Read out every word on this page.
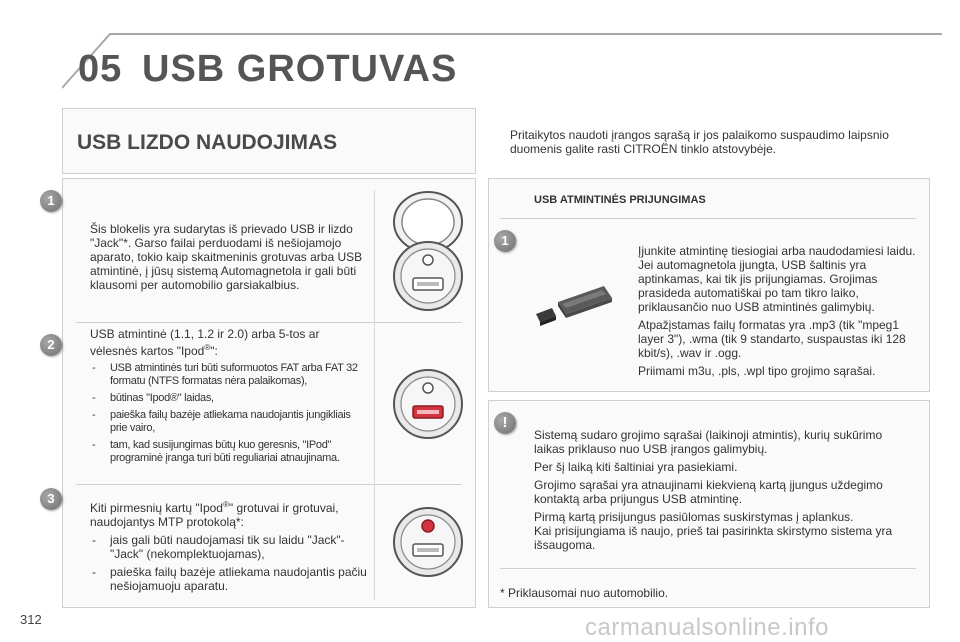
05 USB GROTUVAS
USB LIZDO NAUDOJIMAS	Pritaikytos naudoti įrangos sąrašą ir jos palaikomo suspaudimo laipsnio duomenis galite rasti CITROËN tinklo atstovybėje.
1
Šis blokelis yra sudarytas iš prievado USB ir lizdo "Jack"*. Garso failai perduodami iš nešiojamojo aparato, tokio kaip skaitmeninis grotuvas arba USB atmintinė, į jūsų sistemą Automagnetola ir gali būti klausomi per automobilio garsiakalbius.
2

USB atmintinė (1.1, 1.2 ir 2.0) arba 5-tos ar vėlesnės kartos "Ipod®":

- USB atmintinės turi būti suformuotos FAT arba FAT 32 formatu (NTFS formatas nėra palaikomas),
- būtinas "Ipod®" laidas,
- paieška failų bazėje atliekama naudojantis jungikliais prie vairo,
- tam, kad susijungimas būtų kuo geresnis, "IPod" programinė įranga turi būti reguliariai atnaujinama.
3

Kiti pirmesnių kartų "Ipod®" grotuvai ir grotuvai, naudojantys MTP protokolą*:

- jais gali būti naudojamasi tik su laidu "Jack"-"Jack" (nekomplektuojamas),
- paieška failų bazėje atliekama naudojantis pačiu nešiojamuoju aparatu.
USB ATMINTINĖS PRIJUNGIMAS
1

Įjunkite atmintinę tiesiogiai arba naudodamiesi laidu. Jei automagnetola įjungta, USB šaltinis yra aptinkamas, kai tik jis prijungiamas. Grojimas prasideda automatiškai po tam tikro laiko, priklausančio nuo USB atmintinės galimybių.

Atpažįstamas failų formatas yra .mp3 (tik "mpeg1 layer 3"), .wma (tik 9 standarto, suspaustas iki 128 kbit/s), .wav ir .ogg.

Priimami m3u, .pls, .wpl tipo grojimo sąrašai.

!

Sistemą sudaro grojimo sąrašai (laikinoji atmintis), kurių sukūrimo laikas priklauso nuo USB įrangos galimybių.

Per šį laiką kiti šaltiniai yra pasiekiami.

Grojimo sąrašai yra atnaujinami kiekvieną kartą įjungus uždegimo kontaktą arba prijungus USB atmintinę.

Pirmą kartą prisijungus pasiūlomas suskirstymas į aplankus.

Kai prisijungiama iš naujo, prieš tai pasirinkta skirstymo sistema yra išsaugoma.

* Priklausomai nuo automobilio.
312	carmanualsonline.info
